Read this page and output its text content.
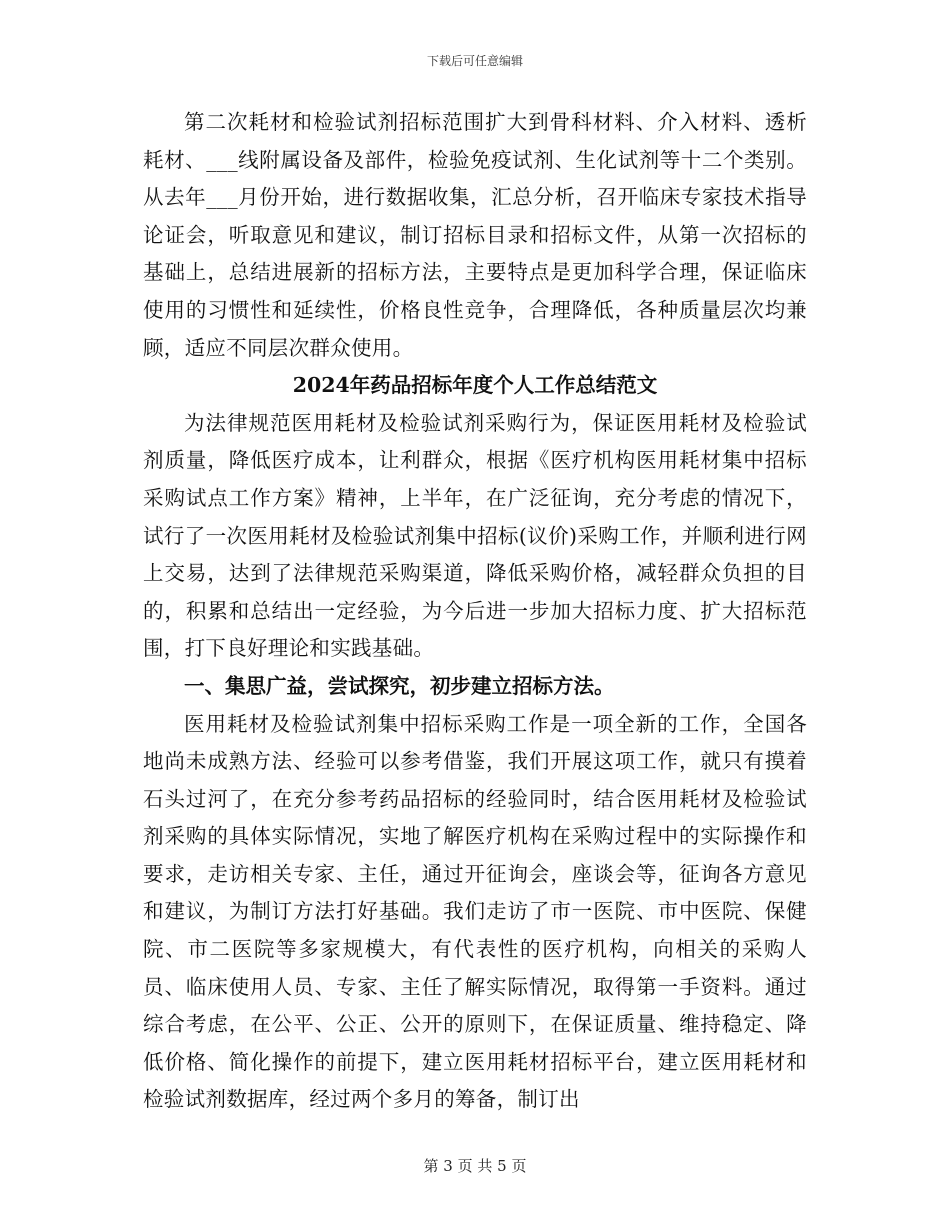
下载后可任意编辑

第二次耗材和检验试剂招标范围扩大到骨科材料、介入材料、透析耗材、___线附属设备及部件，检验免疫试剂、生化试剂等十二个类别。从去年___月份开始，进行数据收集，汇总分析，召开临床专家技术指导论证会，听取意见和建议，制订招标目录和招标文件，从第一次招标的基础上，总结进展新的招标方法，主要特点是更加科学合理，保证临床使用的习惯性和延续性，价格良性竞争，合理降低，各种质量层次均兼顾，适应不同层次群众使用。

2024年药品招标年度个人工作总结范文

为法律规范医用耗材及检验试剂采购行为，保证医用耗材及检验试剂质量，降低医疗成本，让利群众，根据《医疗机构医用耗材集中招标采购试点工作方案》精神，上半年，在广泛征询，充分考虑的情况下，试行了一次医用耗材及检验试剂集中招标(议价)采购工作，并顺利进行网上交易，达到了法律规范采购渠道，降低采购价格，减轻群众负担的目的，积累和总结出一定经验，为今后进一步加大招标力度、扩大招标范围，打下良好理论和实践基础。

一、集思广益，尝试探究，初步建立招标方法。

医用耗材及检验试剂集中招标采购工作是一项全新的工作，全国各地尚未成熟方法、经验可以参考借鉴，我们开展这项工作，就只有摸着石头过河了，在充分参考药品招标的经验同时，结合医用耗材及检验试剂采购的具体实际情况，实地了解医疗机构在采购过程中的实际操作和要求，走访相关专家、主任，通过开征询会，座谈会等，征询各方意见和建议，为制订方法打好基础。我们走访了市一医院、市中医院、保健院、市二医院等多家规模大，有代表性的医疗机构，向相关的采购人员、临床使用人员、专家、主任了解实际情况，取得第一手资料。通过综合考虑，在公平、公正、公开的原则下，在保证质量、维持稳定、降低价格、简化操作的前提下，建立医用耗材招标平台，建立医用耗材和检验试剂数据库，经过两个多月的筹备，制订出

第 3 页 共 5 页
